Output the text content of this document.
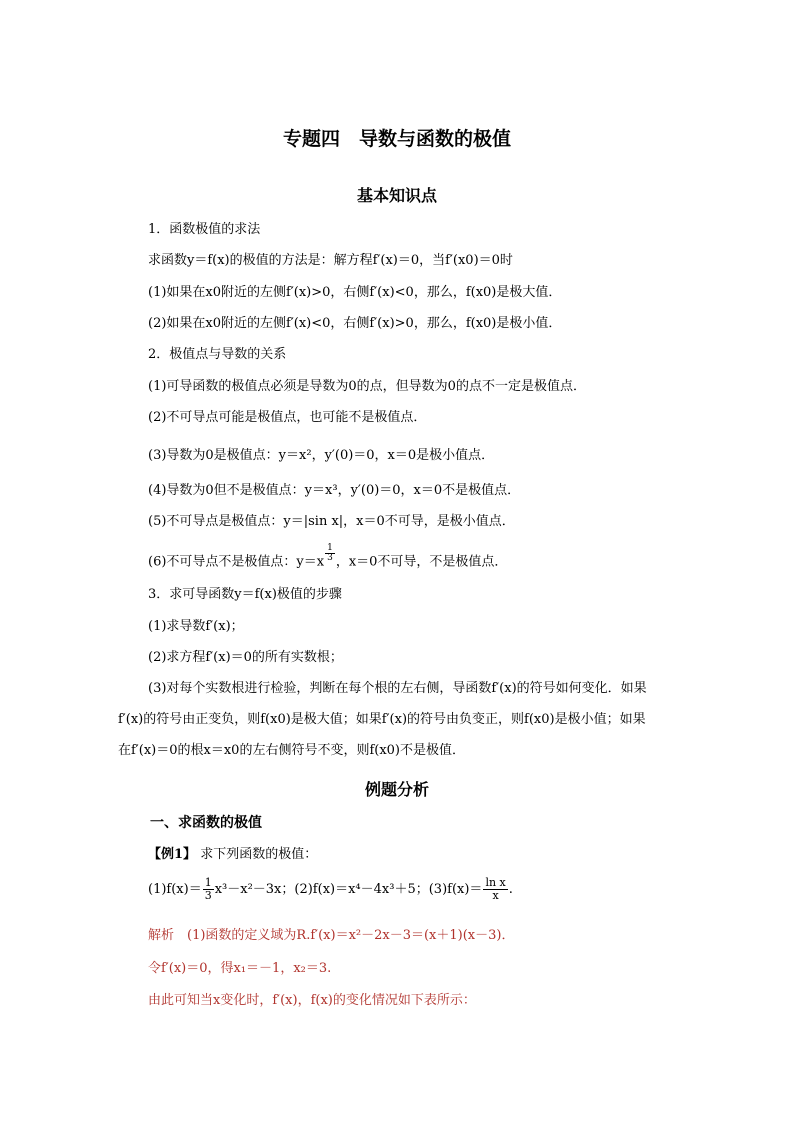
专题四　导数与函数的极值
基本知识点
1．函数极值的求法
求函数y＝f(x)的极值的方法是：解方程f′(x)＝0，当f′(x0)＝0时
(1)如果在x0附近的左侧f′(x)>0，右侧f′(x)<0，那么，f(x0)是极大值．
(2)如果在x0附近的左侧f′(x)<0，右侧f′(x)>0，那么，f(x0)是极小值．
2．极值点与导数的关系
(1)可导函数的极值点必须是导数为0的点，但导数为0的点不一定是极值点．
(2)不可导点可能是极值点，也可能不是极值点．
(3)导数为0是极值点：y＝x²，y′(0)＝0，x＝0是极小值点．
(4)导数为0但不是极值点：y＝x³，y′(0)＝0，x＝0不是极值点．
(5)不可导点是极值点：y＝|sin x|，x＝0不可导，是极小值点．
(6)不可导点不是极值点：$y=x \frac{1}{3}$ ，x＝0不可导，不是极值点．
3．求可导函数y＝f(x)极值的步骤
(1)求导数f′(x)；
(2)求方程f′(x)＝0的所有实数根；
(3)对每个实数根进行检验，判断在每个根的左右侧，导函数f′(x)的符号如何变化．如果
f′(x)的符号由正变负，则f(x0)是极大值；如果f′(x)的符号由负变正，则f(x0)是极小值；如果
在f′(x)＝0的根x＝x0的左右侧符号不变，则f(x0)不是极值．
例题分析
一、求函数的极值
【例1】 求下列函数的极值：
$(1)f(x)= \frac{1}{3} x^3-x^2-3x$；(2)f(x)＝x⁴－4x³＋5；$(3)f(x)= \frac{\text{ln x}}{x}$ .
解析　(1)函数的定义域为R.f′(x)＝x²－2x－3＝(x＋1)(x－3)．
令f′(x)＝0，得x₁＝－1，x₂＝3.
由此可知当x变化时，f′(x)，f(x)的变化情况如下表所示：
